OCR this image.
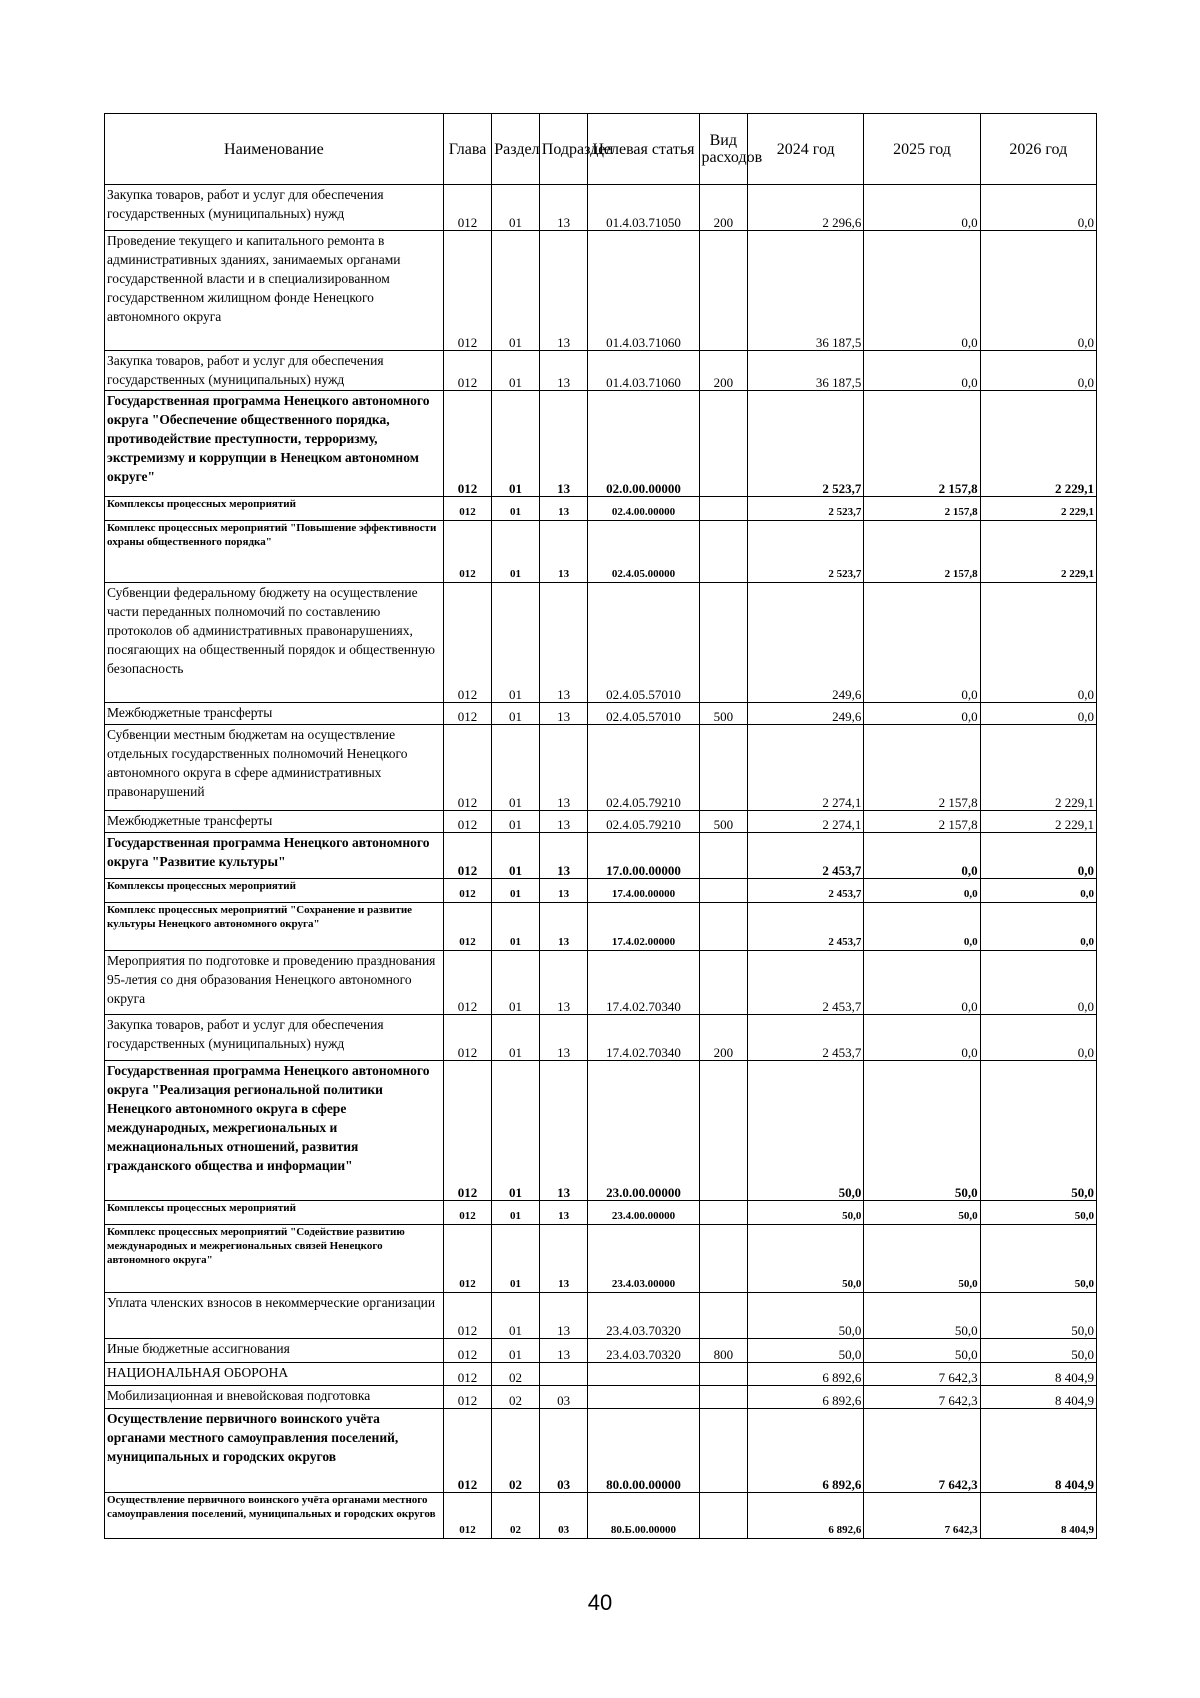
Наименование	Глава	Раздел	Подраздел	Целевая статья	Вид расходов	2024 год	2025 год	2026 год
Закупка товаров, работ и услуг для обеспечения государственных (муниципальных) нужд	012	01	13	01.4.03.71050	200	2 296,6	0,0	0,0
Проведение текущего и капитального ремонта в административных зданиях, занимаемых органами государственной власти и в специализированном государственном жилищном фонде Ненецкого автономного округа	012	01	13	01.4.03.71060		36 187,5	0,0	0,0
Закупка товаров, работ и услуг для обеспечения государственных (муниципальных) нужд	012	01	13	01.4.03.71060	200	36 187,5	0,0	0,0
Государственная программа Ненецкого автономного округа "Обеспечение общественного порядка, противодействие преступности, терроризму, экстремизму и коррупции в Ненецком автономном округе"	012	01	13	02.0.00.00000		2 523,7	2 157,8	2 229,1
Комплексы процессных мероприятий	012	01	13	02.4.00.00000		2 523,7	2 157,8	2 229,1
Комплекс процессных мероприятий "Повышение эффективности охраны общественного порядка"	012	01	13	02.4.05.00000		2 523,7	2 157,8	2 229,1
Субвенции федеральному бюджету на осуществление части переданных полномочий по составлению протоколов об административных правонарушениях, посягающих на общественный порядок и общественную безопасность	012	01	13	02.4.05.57010		249,6	0,0	0,0
Межбюджетные трансферты	012	01	13	02.4.05.57010	500	249,6	0,0	0,0
Субвенции местным бюджетам на осуществление отдельных государственных полномочий Ненецкого автономного округа в сфере административных правонарушений	012	01	13	02.4.05.79210		2 274,1	2 157,8	2 229,1
Межбюджетные трансферты	012	01	13	02.4.05.79210	500	2 274,1	2 157,8	2 229,1
Государственная программа Ненецкого автономного округа "Развитие культуры"	012	01	13	17.0.00.00000		2 453,7	0,0	0,0
Комплексы процессных мероприятий	012	01	13	17.4.00.00000		2 453,7	0,0	0,0
Комплекс процессных мероприятий "Сохранение и развитие культуры Ненецкого автономного округа"	012	01	13	17.4.02.00000		2 453,7	0,0	0,0
Мероприятия по подготовке и проведению празднования 95-летия со дня образования Ненецкого автономного округа	012	01	13	17.4.02.70340		2 453,7	0,0	0,0
Закупка товаров, работ и услуг для обеспечения государственных (муниципальных) нужд	012	01	13	17.4.02.70340	200	2 453,7	0,0	0,0
Государственная программа Ненецкого автономного округа "Реализация региональной политики Ненецкого автономного округа в сфере международных, межрегиональных и межнациональных отношений, развития гражданского общества и информации"	012	01	13	23.0.00.00000		50,0	50,0	50,0
Комплексы процессных мероприятий	012	01	13	23.4.00.00000		50,0	50,0	50,0
Комплекс процессных мероприятий "Содействие развитию международных и межрегиональных связей Ненецкого автономного округа"	012	01	13	23.4.03.00000		50,0	50,0	50,0
Уплата членских взносов в некоммерческие организации	012	01	13	23.4.03.70320		50,0	50,0	50,0
Иные бюджетные ассигнования	012	01	13	23.4.03.70320	800	50,0	50,0	50,0
НАЦИОНАЛЬНАЯ ОБОРОНА	012	02				6 892,6	7 642,3	8 404,9
Мобилизационная и вневойсковая подготовка	012	02	03			6 892,6	7 642,3	8 404,9
Осуществление первичного воинского учёта органами местного самоуправления поселений, муниципальных и городских округов	012	02	03	80.0.00.00000		6 892,6	7 642,3	8 404,9
Осуществление первичного воинского учёта органами местного самоуправления поселений, муниципальных и городских округов	012	02	03	80.Б.00.00000		6 892,6	7 642,3	8 404,9
40
